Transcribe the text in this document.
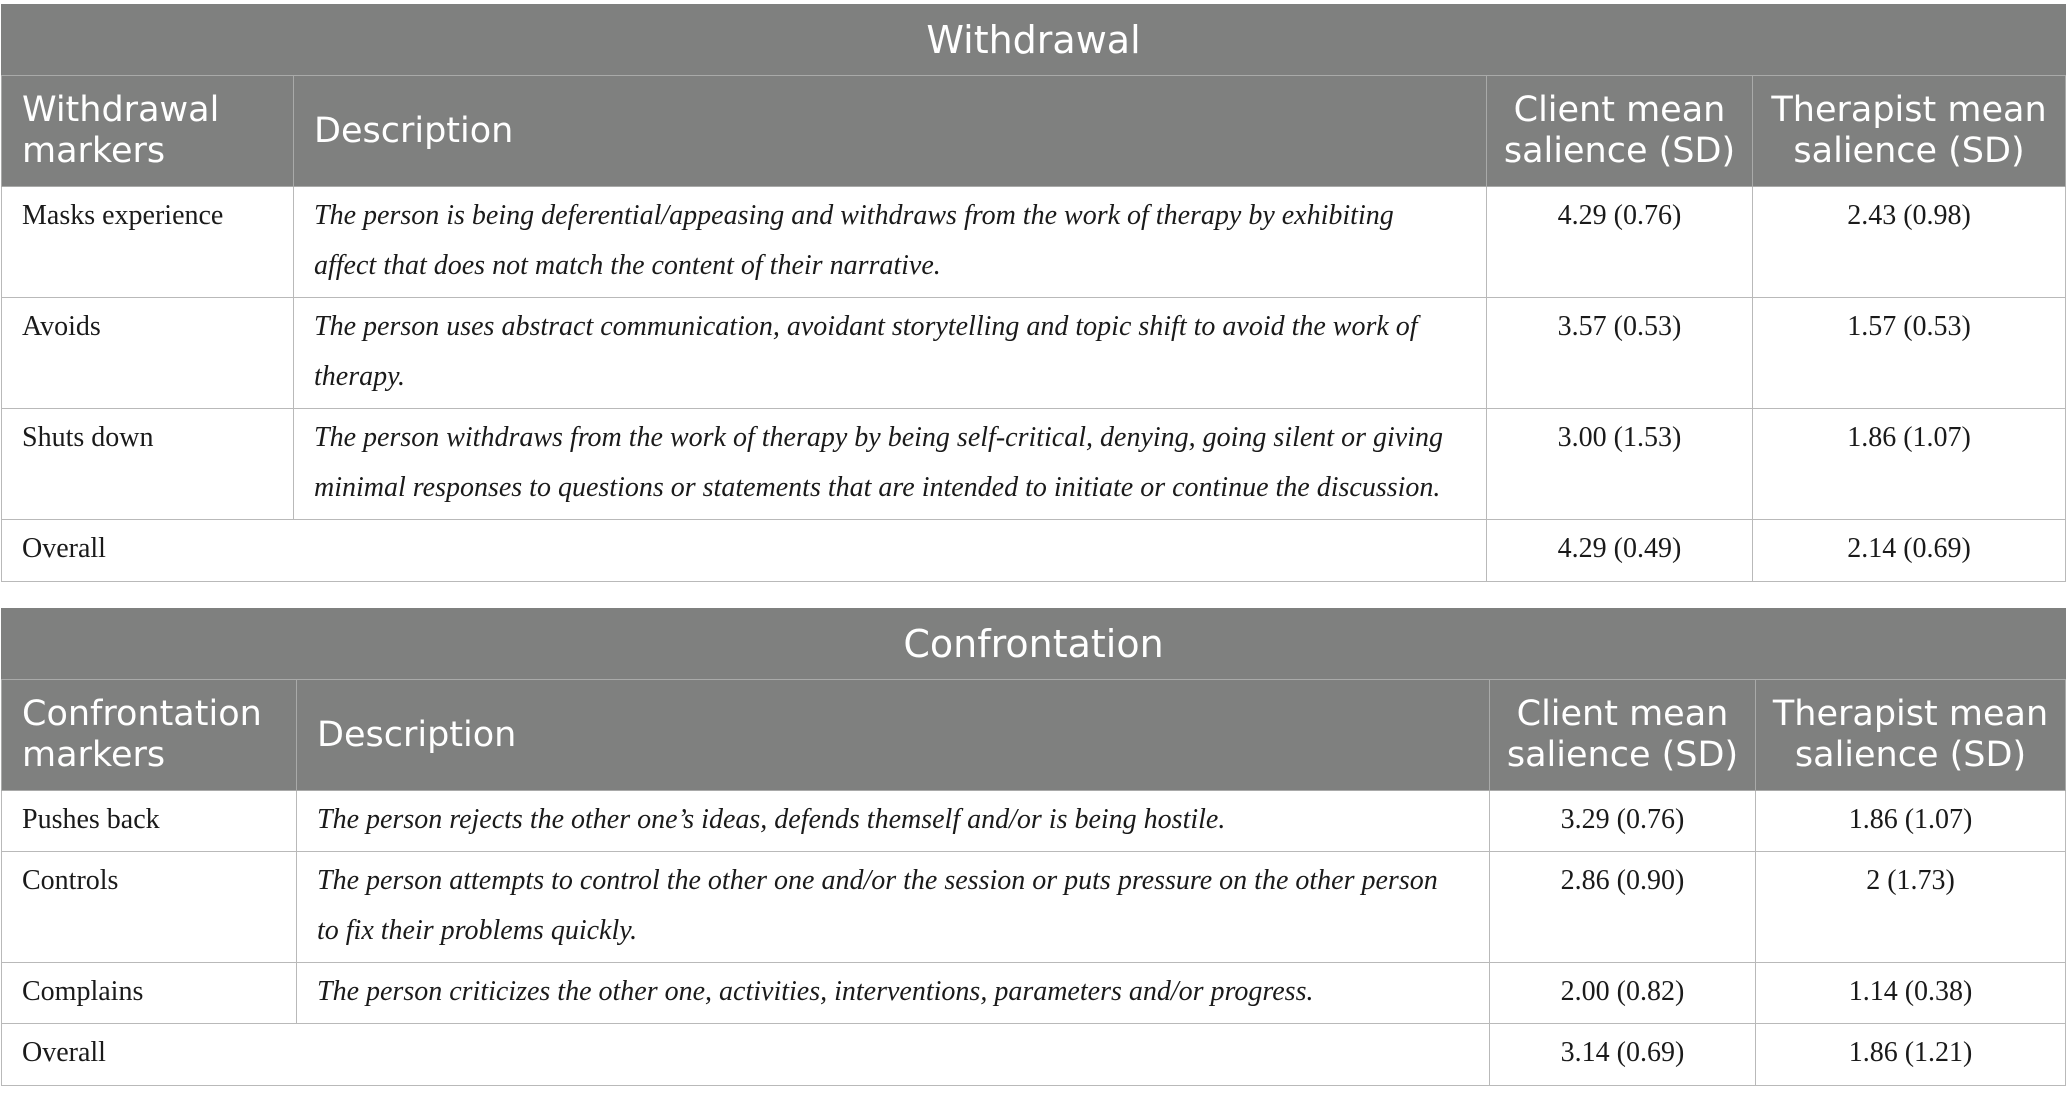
Withdrawal			
Withdrawal markers	Description	Client mean salience (SD)	Therapist mean salience (SD)
Masks experience	The person is being deferential/appeasing and withdraws from the work of therapy by exhibiting affect that does not match the content of their narrative.	4.29 (0.76)	2.43 (0.98)
Avoids	The person uses abstract communication, avoidant storytelling and topic shift to avoid the work of therapy.	3.57 (0.53)	1.57 (0.53)
Shuts down	The person withdraws from the work of therapy by being self-critical, denying, going silent or giving minimal responses to questions or statements that are intended to initiate or continue the discussion.	3.00 (1.53)	1.86 (1.07)
Overall		4.29 (0.49)	2.14 (0.69)
Confrontation			
Confrontation markers	Description	Client mean salience (SD)	Therapist mean salience (SD)
Pushes back	The person rejects the other one’s ideas, defends themself and/or is being hostile.	3.29 (0.76)	1.86 (1.07)
Controls	The person attempts to control the other one and/or the session or puts pressure on the other person to fix their problems quickly.	2.86 (0.90)	2 (1.73)
Complains	The person criticizes the other one, activities, interventions, parameters and/or progress.	2.00 (0.82)	1.14 (0.38)
Overall		3.14 (0.69)	1.86 (1.21)
